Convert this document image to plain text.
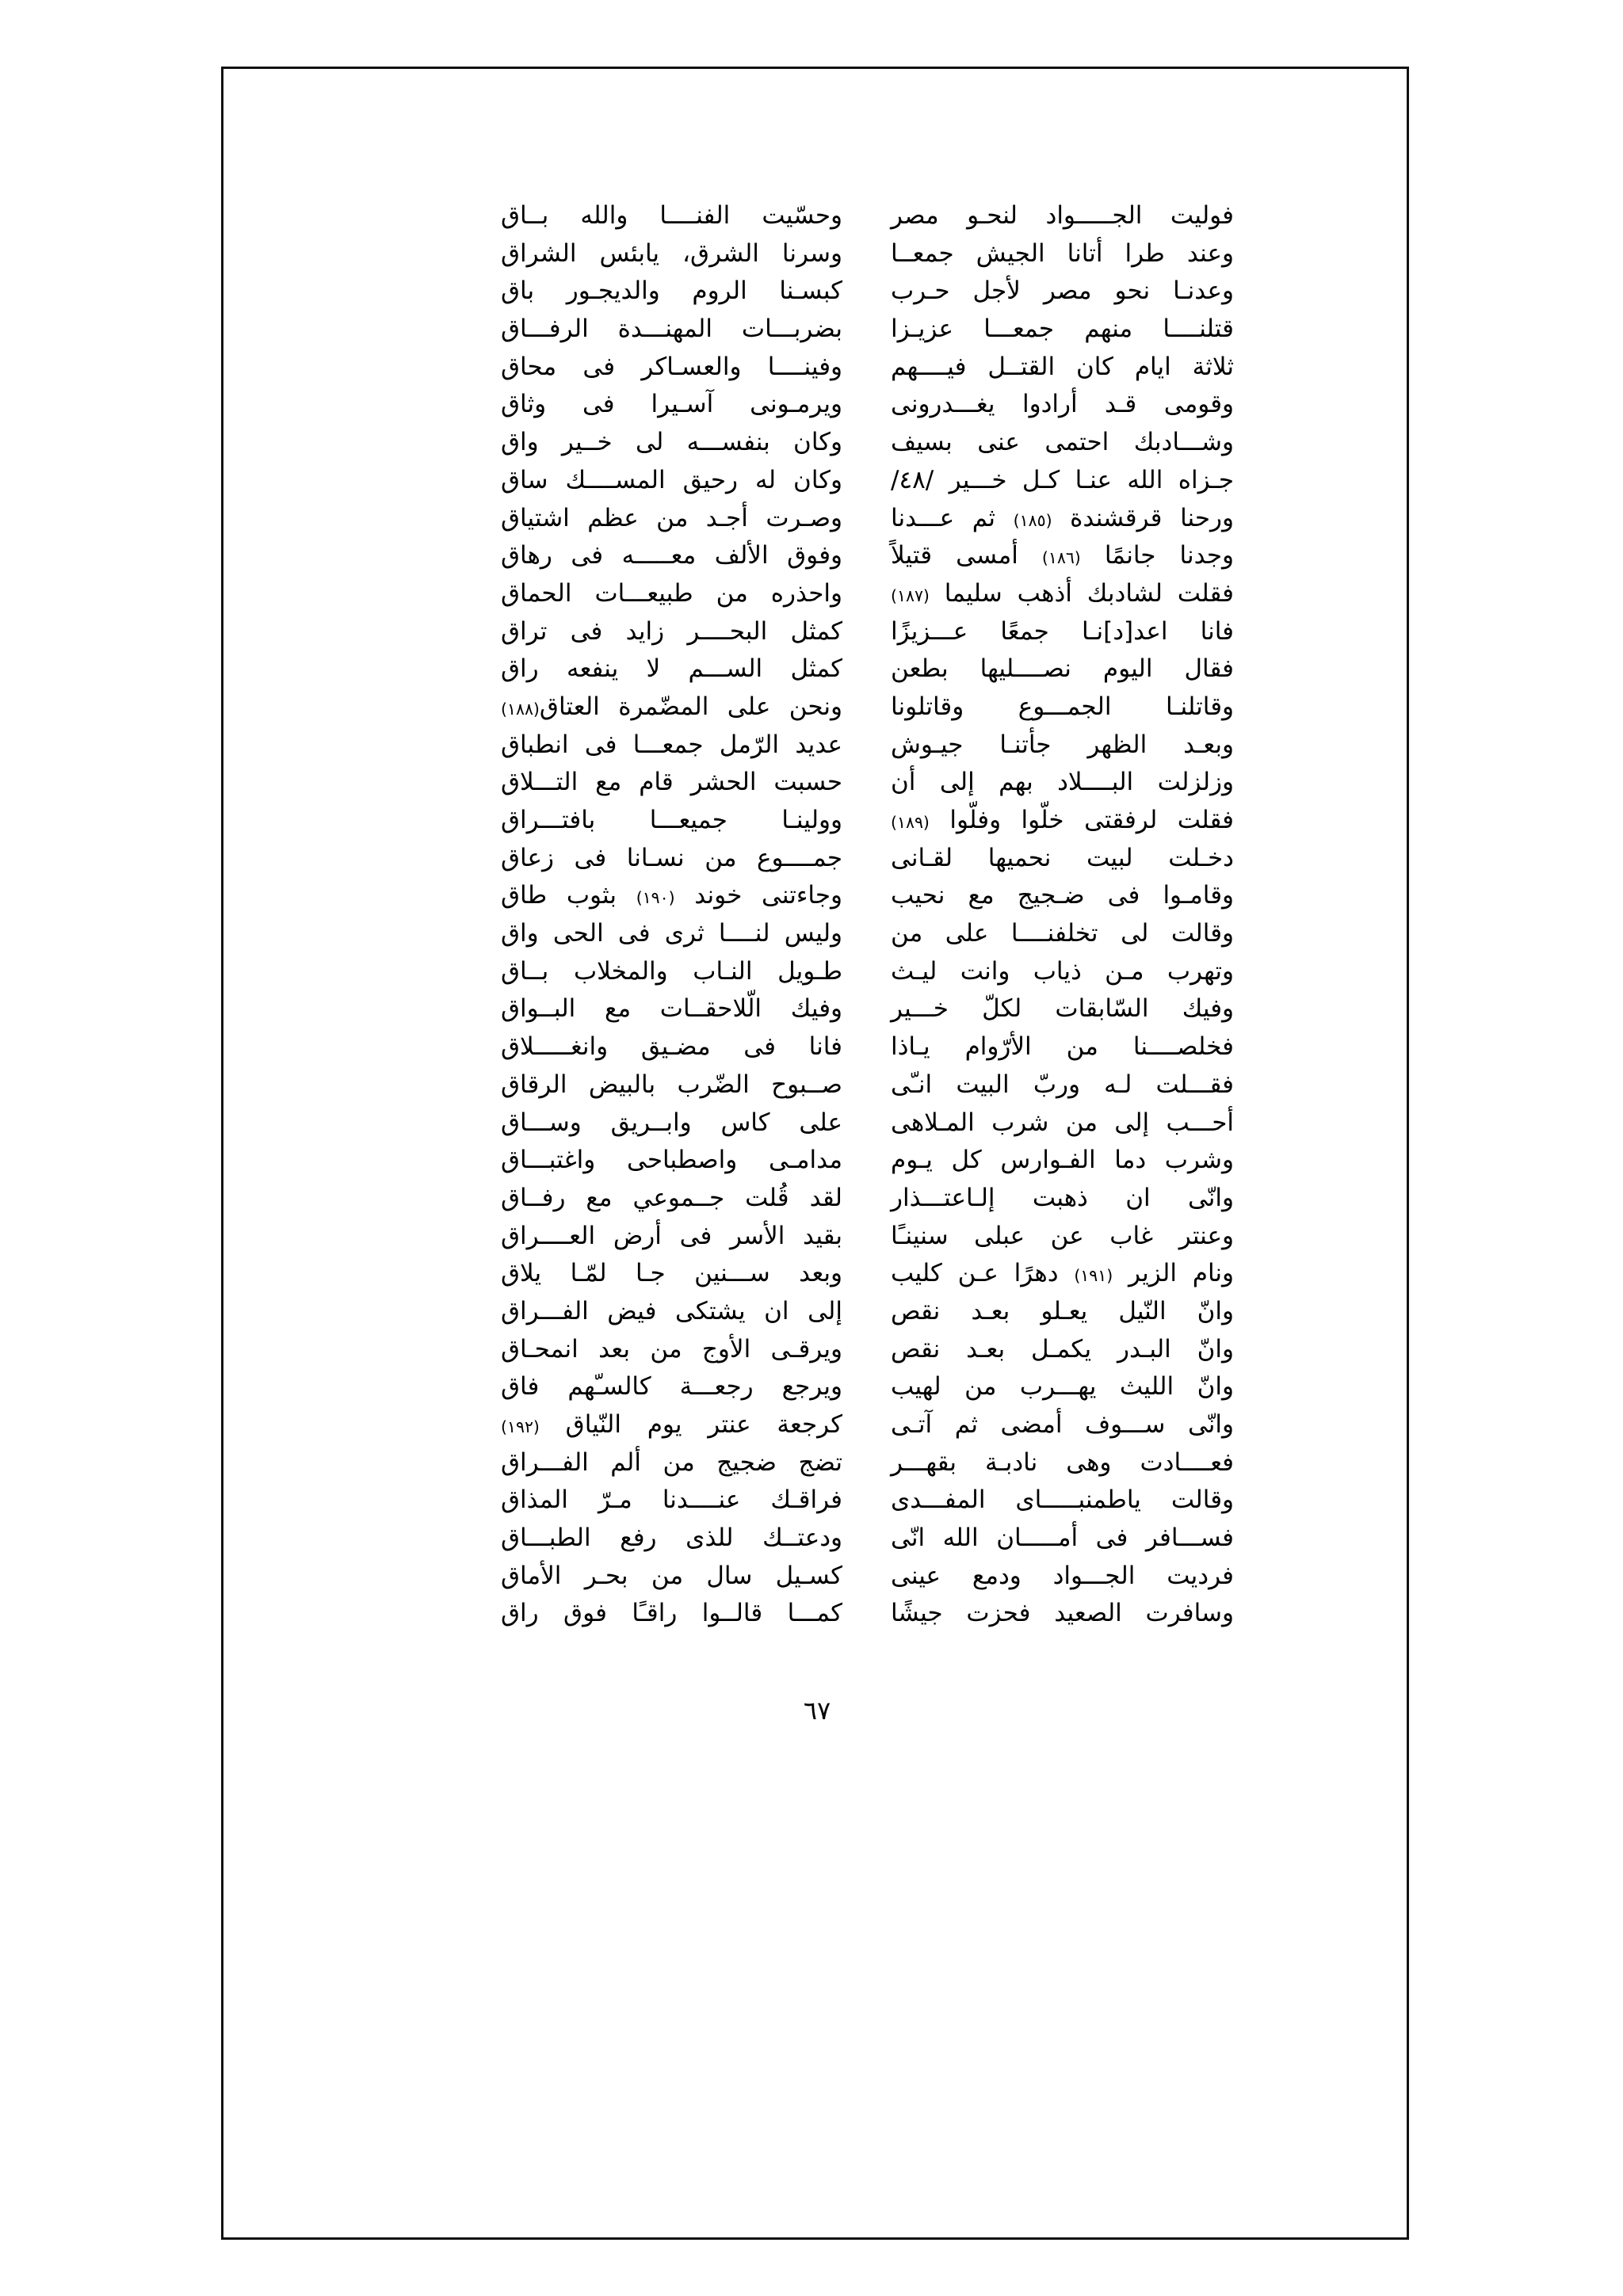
فوليت الجـــــواد لنحـو مصر
وحسّيت الفنــــا والله بــاق
وعند طرا أتانا الجيش جمعــا
وسرنا الشرق، يابئس الشراق
وعدنـا نحو مصر لأجل حـرب
كبسـنا الروم والديجـور باق
قتلنــــا منهم جمعـــا عزيـزا
بضربـــات المهنـــدة الرفـــاق
ثلاثة ايام كان القتــل فيــــهم
وفينــــا والعسـاكر فى محاق
وقومى قـد أرادوا يغـــدرونى
ويرمـونى آسـيرا فى وثاق
وشـــادبك احتمى عنى بسيف
وكان بنفســـه لى خــير واق
جـزاه الله عنـا كـل خـــير /٤٨/
وكان له رحيق المســــك ساق
ورحنا قرقشندة (١٨٥) ثم عـــدنا
وصـرت أجـد من عظم اشتياق
وجدنا جانمًا (١٨٦) أمسى قتيلاً
وفوق الألف معـــــه فى رهاق
فقلت لشادبك أذهب سليما (١٨٧)
واحذره من طبيعـــات الحماق
فانا اعد[د]نـا جمعًا عـــزيزًا
كمثل البحــــر زايد فى تراق
فقال اليوم نصــــليها بطعن
كمثل الســـم لا ينفعه راق
وقاتلنـا الجمـــوع وقاتلونا
ونحن على المضّمرة العتاق(١٨٨)
وبعـد الظهر جأتنـا جيـوش
عديد الرّمل جمعـــا فى انطباق
وزلزلت البــــلاد بهم إلى أن
حسبت الحشر قام مع التـــلاق
فقلت لرفقتى خلّوا وفلّوا (١٨٩)
وولينـا جميعـــا بافتـــراق
دخـلت لبيت نحميها لقـانى
جمــــوع من نسـانا فى زعاق
وقامـوا فى ضـجيج مع نحيب
وجاءتنى خوند (١٩٠) بثوب طاق
وقالت لى تخلفنــــا على من
وليس لنــــا ثرى فى الحى واق
وتهرب مـن ذياب وانت ليـث
طـويل النـاب والمخلاب بــاق
وفيك السّابقات لكلّ خـــير
وفيك الّلاحقــات مع البــواق
فخلصــــنا من الأرّوام يـاذا
فانا فى مضـيق وانغـــــلاق
فقـــلت لـه وربّ البيت انـّى
صــبوح الضّرب بالبيض الرقاق
أحـــب إلى من شرب المـلاهى
على كاس وابــريق وســـاق
وشرب دما الفـوارس كل يـوم
مدامـى واصطباحى واغتبـــاق
وانّى ان ذهبت إلـاعتـــذار
لقد قُلت جــموعي مع رفــاق
وعنتر غاب عن عبلى سنينـًا
بقيد الأسر فى أرض العــــراق
ونام الزير (١٩١) دهرًا عـن كليب
وبعد ســـنين جـا لمّـا يلاق
وانّ النّيل يعـلو بعـد نقص
إلى ان يشتكى فيض الفـــراق
وانّ البـدر يكمـل بعـد نقص
ويرقـى الأوج من بعد انمحـاق
وانّ الليث يهـــرب من لهيب
ويرجع رجعـــة كالسـّهم فاق
وانّى ســـوف أمضى ثم آتـى
كرجعة عنتر يوم النّياق (١٩٢)
فعــــادت وهى نادبـة بقهـــر
تضج ضجيج من ألم الفـــراق
وقالت ياطمنبـــــاى المفـــدى
فراقـك عنــــدنا مـرّ المذاق
فســـافر فى أمـــــان الله انّى
ودعتــك للذى رفع الطبـــاق
فرديت الجـــواد ودمع عينى
كسـيل سال من بحـر الأماق
وسافرت الصعيد فحزت جيشًا
كمـــا قالــوا راقـًا فوق راق
٦٧
